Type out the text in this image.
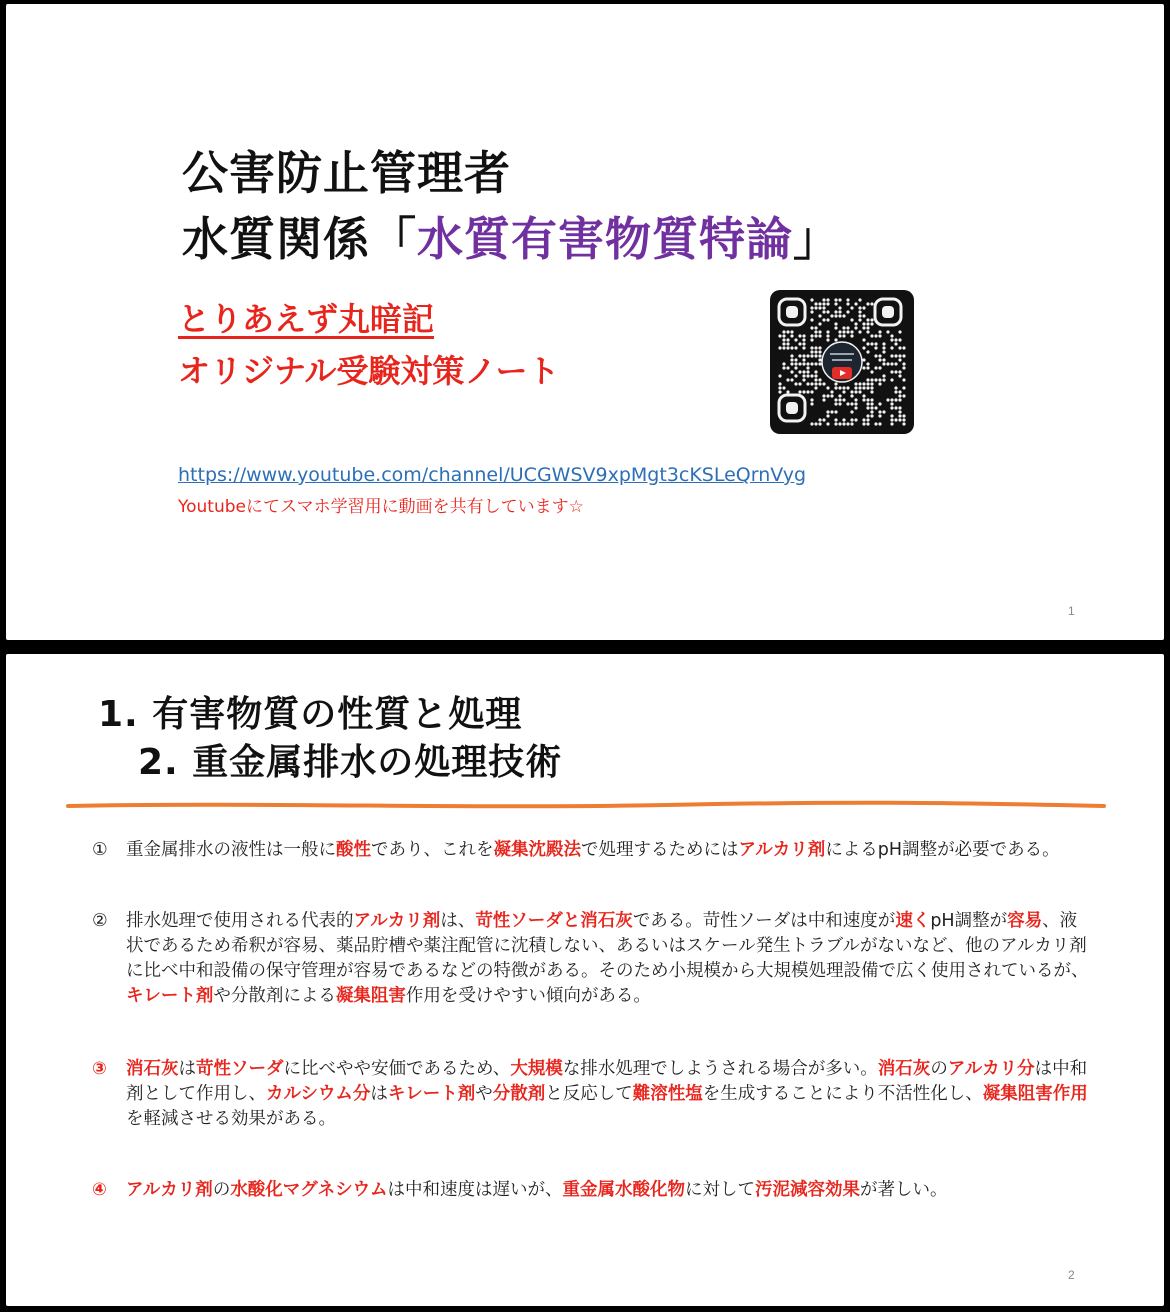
公害防止管理者
水質関係「水質有害物質特論」
とりあえず丸暗記
オリジナル受験対策ノート
https://www.youtube.com/channel/UCGWSV9xpMgt3cKSLeQrnVyg
Youtubeにてスマホ学習用に動画を共有しています☆
1
1. 有害物質の性質と処理
2. 重金属排水の処理技術
①	重金属排水の液性は一般に酸性であり、これを凝集沈殿法で処理するためにはアルカリ剤によるpH調整が必要である。
②	排水処理で使用される代表的アルカリ剤は、苛性ソーダと消石灰である。苛性ソーダは中和速度が速くpH調整が容易、液状であるため希釈が容易、薬品貯槽や薬注配管に沈積しない、あるいはスケール発生トラブルがないなど、他のアルカリ剤に比べ中和設備の保守管理が容易であるなどの特徴がある。そのため小規模から大規模処理設備で広く使用されているが、キレート剤や分散剤による凝集阻害作用を受けやすい傾向がある。
③	消石灰は苛性ソーダに比べやや安価であるため、大規模な排水処理でしようされる場合が多い。消石灰のアルカリ分は中和剤として作用し、カルシウム分はキレート剤や分散剤と反応して難溶性塩を生成することにより不活性化し、凝集阻害作用を軽減させる効果がある。
④	アルカリ剤の水酸化マグネシウムは中和速度は遅いが、重金属水酸化物に対して汚泥減容効果が著しい。
2
